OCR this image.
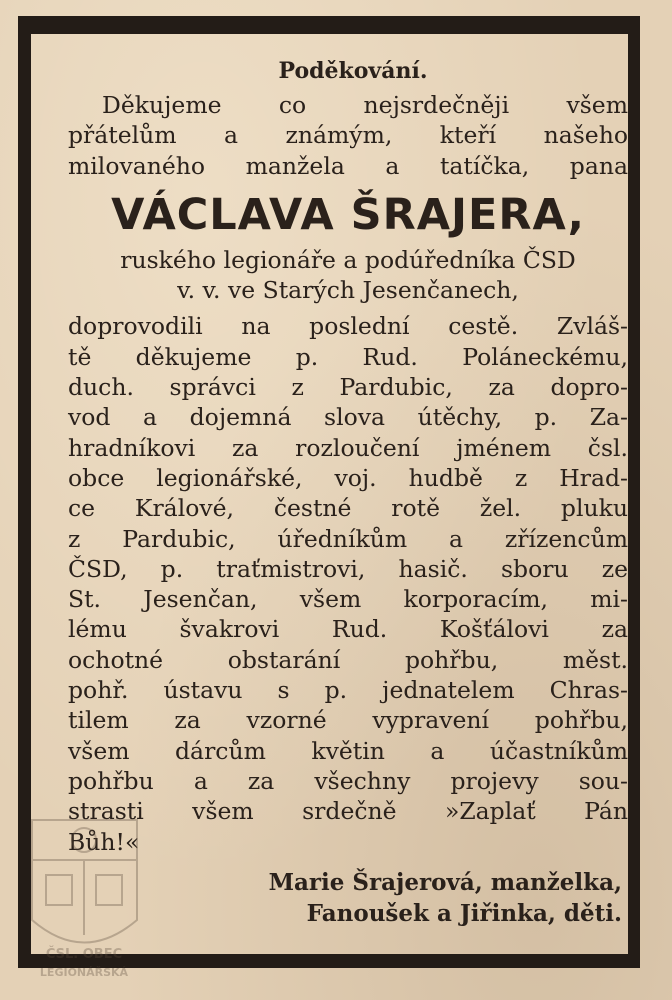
Poděkování.
Děkujeme co nejsrdečněji všem
přátelům a známým, kteří našeho
milovaného manžela a tatíčka, pana
VÁCLAVA ŠRAJERA,
ruského legionáře a podúředníka ČSD
v. v. ve Starých Jesenčanech,
doprovodili na poslední cestě. Zvláš-
tě děkujeme p. Rud. Poláneckému,
duch. správci z Pardubic, za dopro-
vod a dojemná slova útěchy, p. Za-
hradníkovi za rozloučení jménem čsl.
obce legionářské, voj. hudbě z Hrad-
ce Králové, čestné rotě žel. pluku
z Pardubic, úředníkům a zřízencům
ČSD, p. traťmistrovi, hasič. sboru ze
St. Jesenčan, všem korporacím, mi-
lému švakrovi Rud. Košťálovi za
ochotné obstarání pohřbu, měst.
pohř. ústavu s p. jednatelem Chras-
tilem za vzorné vypravení pohřbu,
všem dárcům květin a účastníkům
pohřbu a za všechny projevy sou-
strasti všem srdečně »Zaplať Pán
Bůh!«
Marie Šrajerová, manželka,
Fanoušek a Jiřinka, děti.
ČSL. OBEC
LEGIONÁŘSKÁ
